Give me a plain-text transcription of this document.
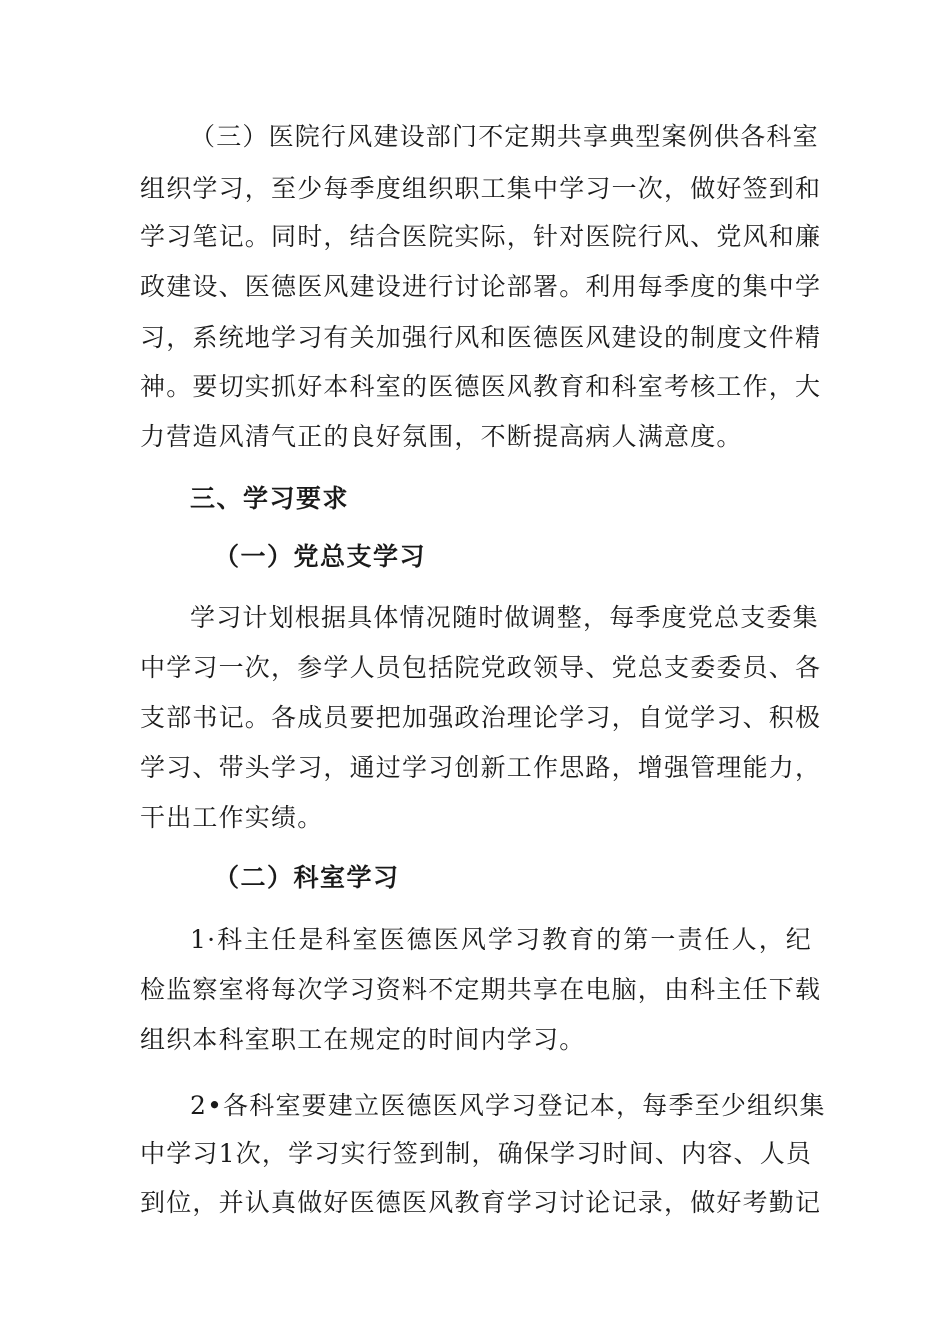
（三）医院行风建设部门不定期共享典型案例供各科室
组织学习，至少每季度组织职工集中学习一次，做好签到和
学习笔记。同时，结合医院实际，针对医院行风、党风和廉
政建设、医德医风建设进行讨论部署。利用每季度的集中学
习，系统地学习有关加强行风和医德医风建设的制度文件精
神。要切实抓好本科室的医德医风教育和科室考核工作，大
力营造风清气正的良好氛围，不断提高病人满意度。
三、学习要求
（一）党总支学习
学习计划根据具体情况随时做调整，每季度党总支委集
中学习一次，参学人员包括院党政领导、党总支委委员、各
支部书记。各成员要把加强政治理论学习，自觉学习、积极
学习、带头学习，通过学习创新工作思路，增强管理能力，
干出工作实绩。
（二）科室学习
1·科主任是科室医德医风学习教育的第一责任人，纪
检监察室将每次学习资料不定期共享在电脑，由科主任下载
组织本科室职工在规定的时间内学习。
2•各科室要建立医德医风学习登记本，每季至少组织集
中学习1次，学习实行签到制，确保学习时间、内容、人员
到位，并认真做好医德医风教育学习讨论记录，做好考勤记
